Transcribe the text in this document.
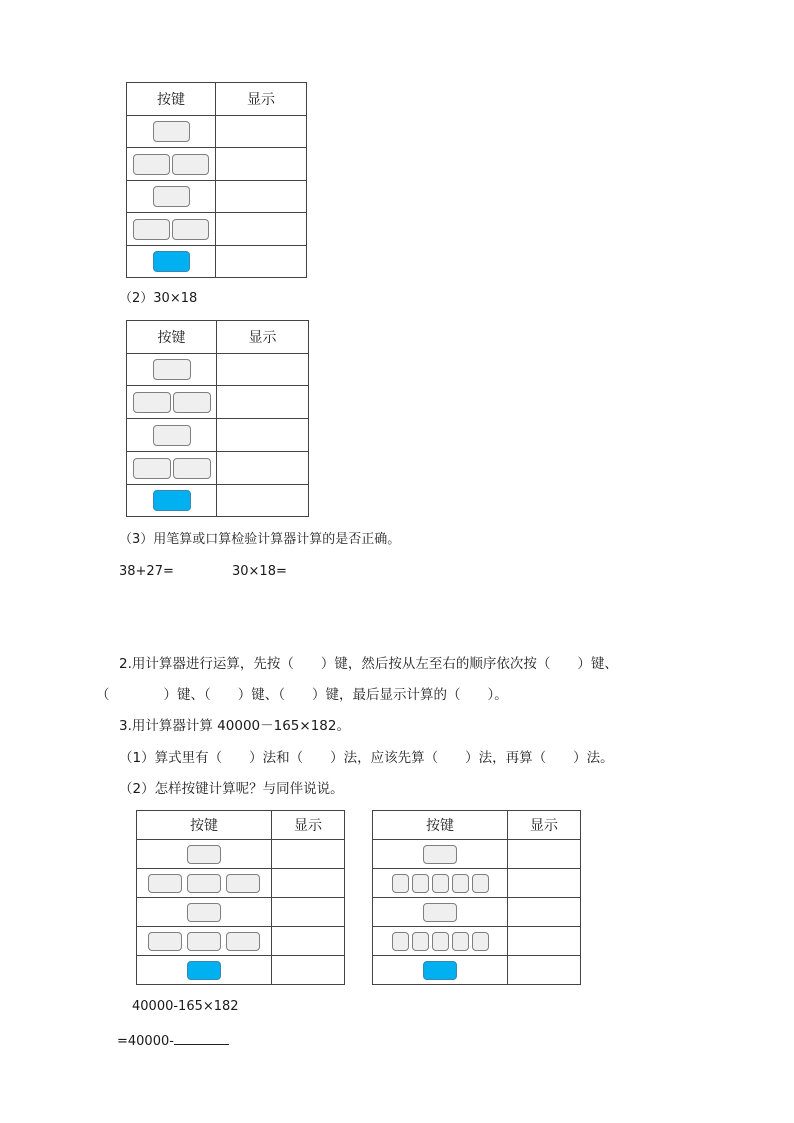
按键	显示

（2）30×18
按键	显示

（3）用笔算或口算检验计算器计算的是否正确。
38+27=	30×18=
2.用计算器进行运算，先按（　　）键，然后按从左至右的顺序依次按（　　）键、
（　　　　）键、（　　）键、（　　）键，最后显示计算的（　　）。
3.用计算器计算 40000－165×182。
（1）算式里有（　　）法和（　　）法，应该先算（　　）法，再算（　　）法。
（2）怎样按键计算呢？与同伴说说。
按键	显示

		按键	显示

40000-165×182
=40000-
